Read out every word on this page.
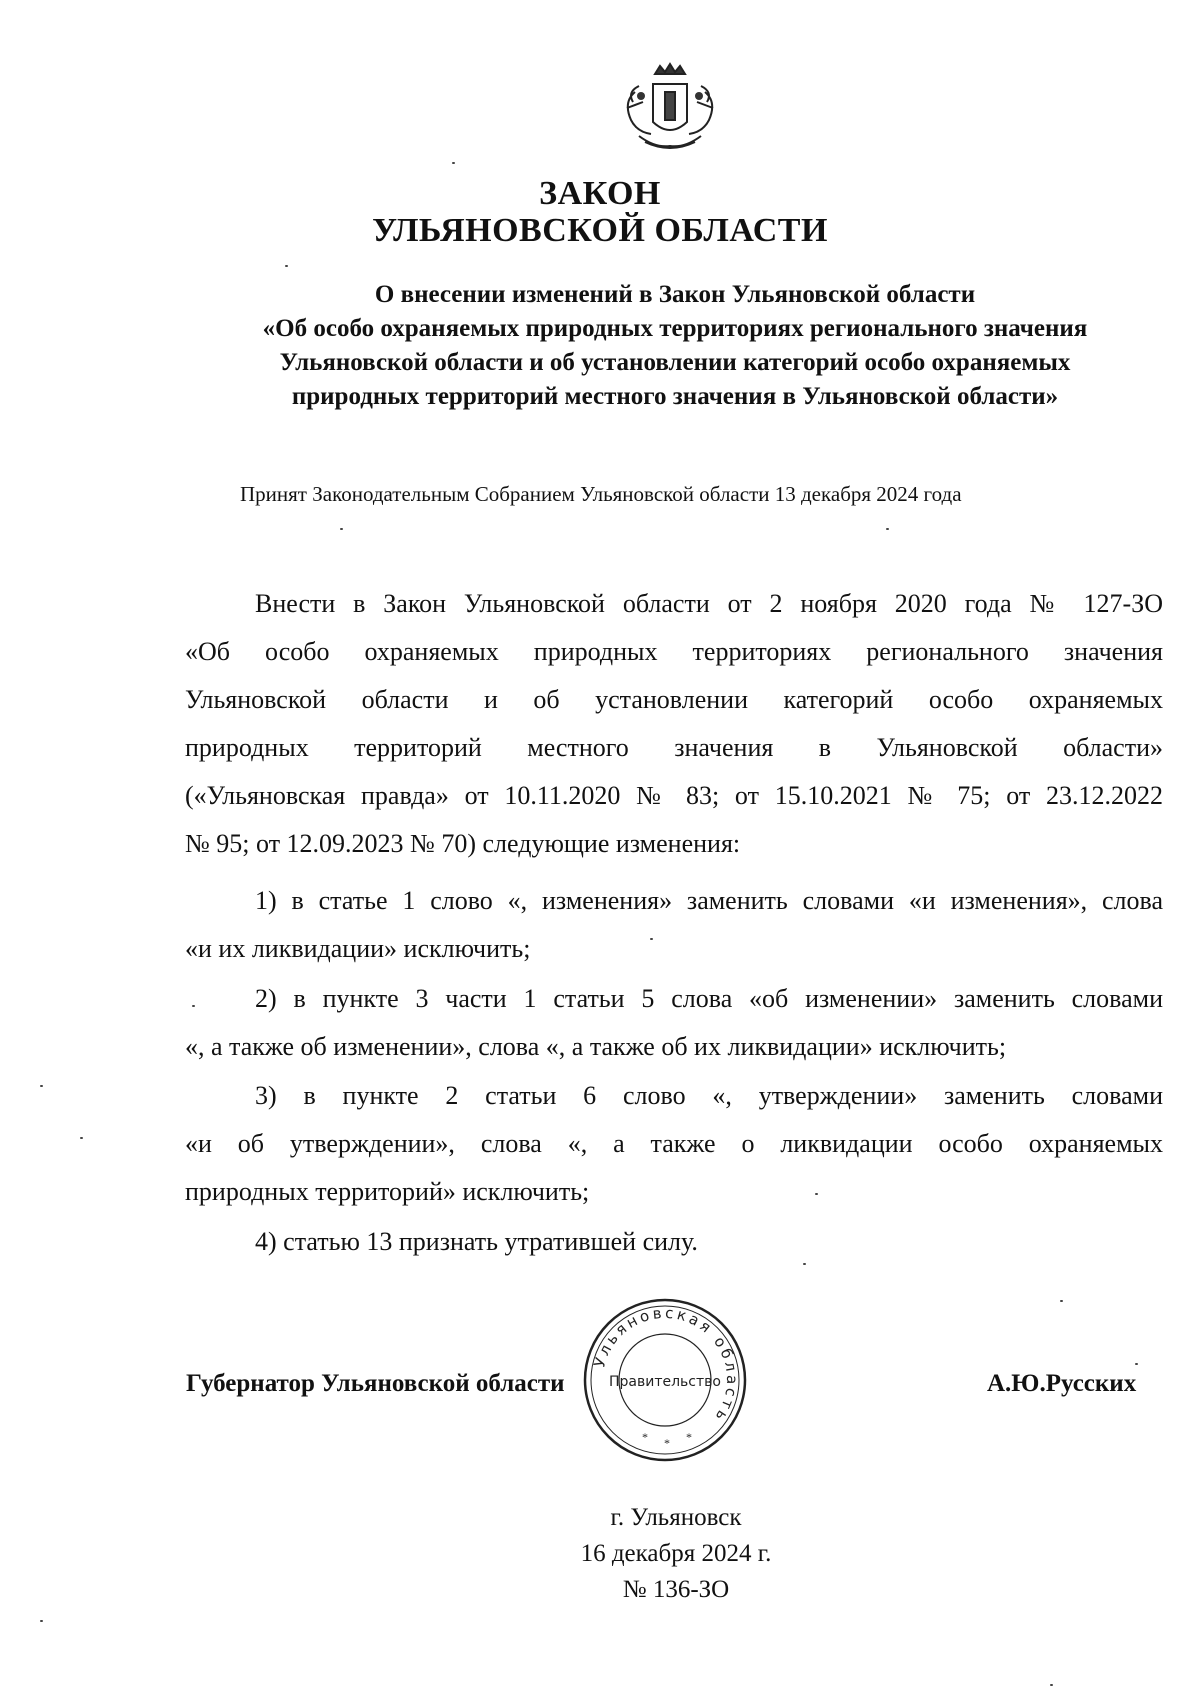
ЗАКОН
УЛЬЯНОВСКОЙ ОБЛАСТИ
О внесении изменений в Закон Ульяновской области
«Об особо охраняемых природных территориях регионального значения
Ульяновской области и об установлении категорий особо охраняемых
природных территорий местного значения в Ульяновской области»
Принят Законодательным Собранием Ульяновской области 13 декабря 2024 года
Внести в Закон Ульяновской области от 2 ноября 2020 года № 127-ЗО
«Об особо охраняемых природных территориях регионального значения
Ульяновской области и об установлении категорий особо охраняемых
природных территорий местного значения в Ульяновской области»
(«Ульяновская правда» от 10.11.2020 № 83; от 15.10.2021 № 75; от 23.12.2022
№ 95; от 12.09.2023 № 70) следующие изменения:
1) в статье 1 слово «, изменения» заменить словами «и изменения», слова
«и их ликвидации» исключить;
2) в пункте 3 части 1 статьи 5 слова «об изменении» заменить словами
«, а также об изменении», слова «, а также об их ликвидации» исключить;
3) в пункте 2 статьи 6 слово «, утверждении» заменить словами
«и об утверждении», слова «, а также о ликвидации особо охраняемых
природных территорий» исключить;
4) статью 13 признать утратившей силу.
Ульяновская область
Правительство
* * *
Губернатор Ульяновской области	А.Ю.Русских
г. Ульяновск
16 декабря 2024 г.
№ 136-ЗО
